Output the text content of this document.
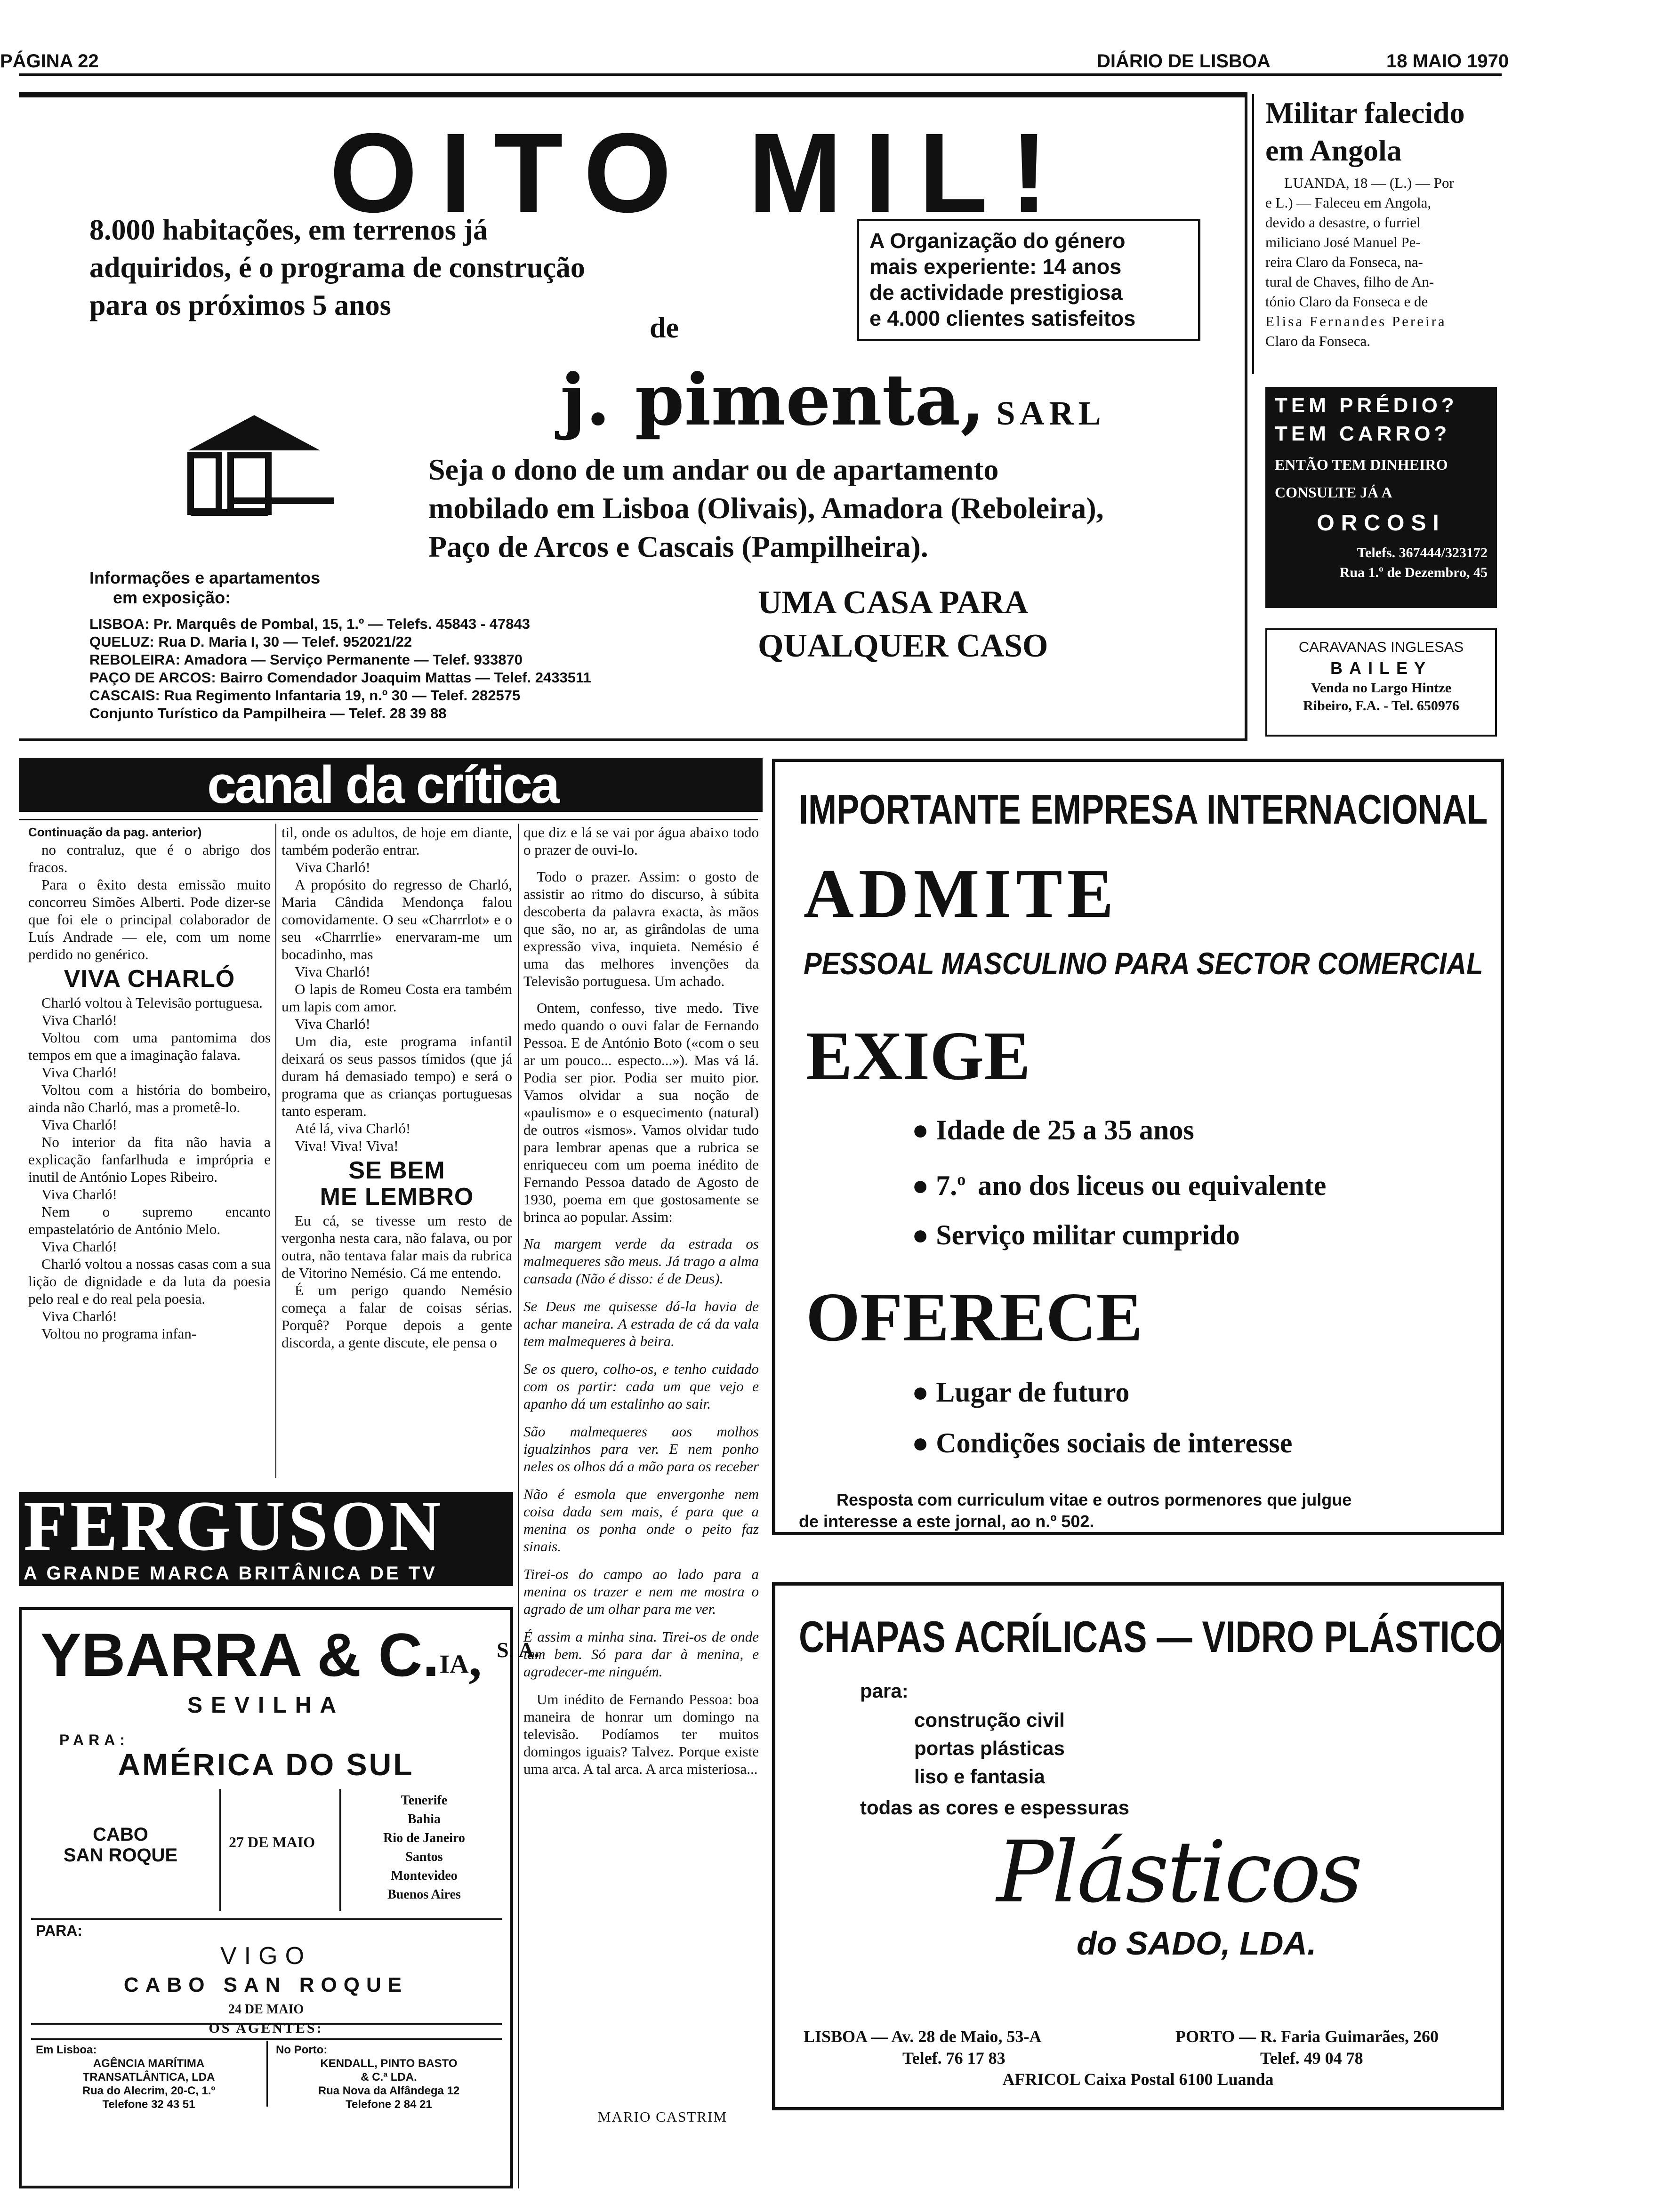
PÁGINA 22	DIÁRIO DE LISBOA	18 MAIO 1970
OITO MIL!
8.000 habitações, em terrenos já
adquiridos, é o programa de construção
para os próximos 5 anos
de
A Organização do género
mais experiente: 14 anos
de actividade prestigiosa
e 4.000 clientes satisfeitos
j. pimenta, SARL
Seja o dono de um andar ou de apartamento
mobilado em Lisboa (Olivais), Amadora (Reboleira),
Paço de Arcos e Cascais (Pampilheira).
Informações e apartamentos
em exposição:	UMA CASA PARA
QUALQUER CASO
LISBOA: Pr. Marquês de Pombal, 15, 1.º — Telefs. 45843 - 47843
QUELUZ: Rua D. Maria I, 30 — Telef. 952021/22
REBOLEIRA: Amadora — Serviço Permanente — Telef. 933870
PAÇO DE ARCOS: Bairro Comendador Joaquim Mattas — Telef. 2433511
CASCAIS: Rua Regimento Infantaria 19, n.º 30 — Telef. 282575
Conjunto Turístico da Pampilheira — Telef. 28 39 88
Militar falecido
em Angola
LUANDA, 18 — (L.) — Por
e L.) — Faleceu em Angola,
devido a desastre, o furriel
miliciano José Manuel Pe-
reira Claro da Fonseca, na-
tural de Chaves, filho de An-
tónio Claro da Fonseca e de
Elisa Fernandes Pereira
Claro da Fonseca.
TEM PRÉDIO?
TEM CARRO?
ENTÃO TEM DINHEIRO
CONSULTE JÁ A
ORCOSI
Telefs. 367444/323172
Rua 1.º de Dezembro, 45
CARAVANAS INGLESAS
BAILEY
Venda no Largo Hintze
Ribeiro, F.A. - Tel. 650976
canal da crítica

Continuação da pag. anterior)

no contraluz, que é o abrigo dos fracos.

Para o êxito desta emissão muito concorreu Simões Alberti. Pode dizer-se que foi ele o principal colaborador de Luís Andrade — ele, com um nome perdido no genérico.

VIVA CHARLÓ

Charló voltou à Televisão portuguesa.

Viva Charló!

Voltou com uma pantomima dos tempos em que a imaginação falava.

Viva Charló!

Voltou com a história do bombeiro, ainda não Charló, mas a prometê-lo.

Viva Charló!

No interior da fita não havia a explicação fanfarlhuda e imprópria e inutil de António Lopes Ribeiro.

Viva Charló!

Nem o supremo encanto empastelatório de António Melo.

Viva Charló!

Charló voltou a nossas casas com a sua lição de dignidade e da luta da poesia pelo real e do real pela poesia.

Viva Charló!

Voltou no programa infan-

til, onde os adultos, de hoje em diante, também poderão entrar.

Viva Charló!

A propósito do regresso de Charló, Maria Cândida Mendonça falou comovidamente. O seu «Charrrlot» e o seu «Charrrlie» enervaram-me um bocadinho, mas

Viva Charló!

O lapis de Romeu Costa era também um lapis com amor.

Viva Charló!

Um dia, este programa infantil deixará os seus passos tímidos (que já duram há demasiado tempo) e será o programa que as crianças portuguesas tanto esperam.

Até lá, viva Charló!

Viva! Viva! Viva!

SE BEM
ME LEMBRO

Eu cá, se tivesse um resto de vergonha nesta cara, não falava, ou por outra, não tentava falar mais da rubrica de Vitorino Nemésio. Cá me entendo.

É um perigo quando Nemésio começa a falar de coisas sérias. Porquê? Porque depois a gente discorda, a gente discute, ele pensa o

que diz e lá se vai por água abaixo todo o prazer de ouvi-lo.

Todo o prazer. Assim: o gosto de assistir ao ritmo do discurso, à súbita descoberta da palavra exacta, às mãos que são, no ar, as girândolas de uma expressão viva, inquieta. Nemésio é uma das melhores invenções da Televisão portuguesa. Um achado.

Ontem, confesso, tive medo. Tive medo quando o ouvi falar de Fernando Pessoa. E de António Boto («com o seu ar um pouco... especto...»). Mas vá lá. Podia ser pior. Podia ser muito pior. Vamos olvidar a sua noção de «paulismo» e o esquecimento (natural) de outros «ismos». Vamos olvidar tudo para lembrar apenas que a rubrica se enriqueceu com um poema inédito de Fernando Pessoa datado de Agosto de 1930, poema em que gostosamente se brinca ao popular. Assim:

Na margem verde da estrada os malmequeres são meus. Já trago a alma cansada (Não é disso: é de Deus).

Se Deus me quisesse dá-la havia de achar maneira. A estrada de cá da vala tem malmequeres à beira.

Se os quero, colho-os, e tenho cuidado com os partir: cada um que vejo e apanho dá um estalinho ao sair.

São malmequeres aos molhos igualzinhos para ver. E nem ponho neles os olhos dá a mão para os receber

Não é esmola que envergonhe nem coisa dada sem mais, é para que a menina os ponha onde o peito faz sinais.

Tirei-os do campo ao lado para a menina os trazer e nem me mostra o agrado de um olhar para me ver.

É assim a minha sina. Tirei-os de onde tam bem. Só para dar à menina, e agradecer-me ninguém.

Um inédito de Fernando Pessoa: boa maneira de honrar um domingo na televisão. Podíamos ter muitos domingos iguais? Talvez. Porque existe uma arca. A tal arca. A arca misteriosa...

MARIO CASTRIM
FERGUSON
A GRANDE MARCA BRITÂNICA DE TV
YBARRA & C.$^{IA}$, S. A.
SEVILHA
PARA:
AMÉRICA DO SUL
CABO
SAN ROQUE
27 DE MAIO
Tenerife
Bahia
Rio de Janeiro
Santos
Montevideo
Buenos Aires
PARA:
VIGO
CABO SAN ROQUE
24 DE MAIO
OS AGENTES:
Em Lisboa:
AGÊNCIA MARÍTIMA
TRANSATLÂNTICA, LDA
Rua do Alecrim, 20-C, 1.º
Telefone 32 43 51
No Porto:
KENDALL, PINTO BASTO
& C.ª LDA.
Rua Nova da Alfândega 12
Telefone 2 84 21
IMPORTANTE EMPRESA INTERNACIONAL
ADMITE
PESSOAL MASCULINO PARA SECTOR COMERCIAL
EXIGE
● Idade de 25 a 35 anos
● 7.$^o$ ano dos liceus ou equivalente
● Serviço militar cumprido
OFERECE
● Lugar de futuro
● Condições sociais de interesse
Resposta com curriculum vitae e outros pormenores que julgue
de interesse a este jornal, ao n.º 502.
CHAPAS ACRÍLICAS — VIDRO PLÁSTICO
para:
construção civil
portas plásticas
liso e fantasia
todas as cores e espessuras
Plásticos
do SADO, LDA.
LISBOA — Av. 28 de Maio, 53-A
Telef. 76 17 83
PORTO — R. Faria Guimarães, 260
Telef. 49 04 78
AFRICOL Caixa Postal 6100 Luanda
